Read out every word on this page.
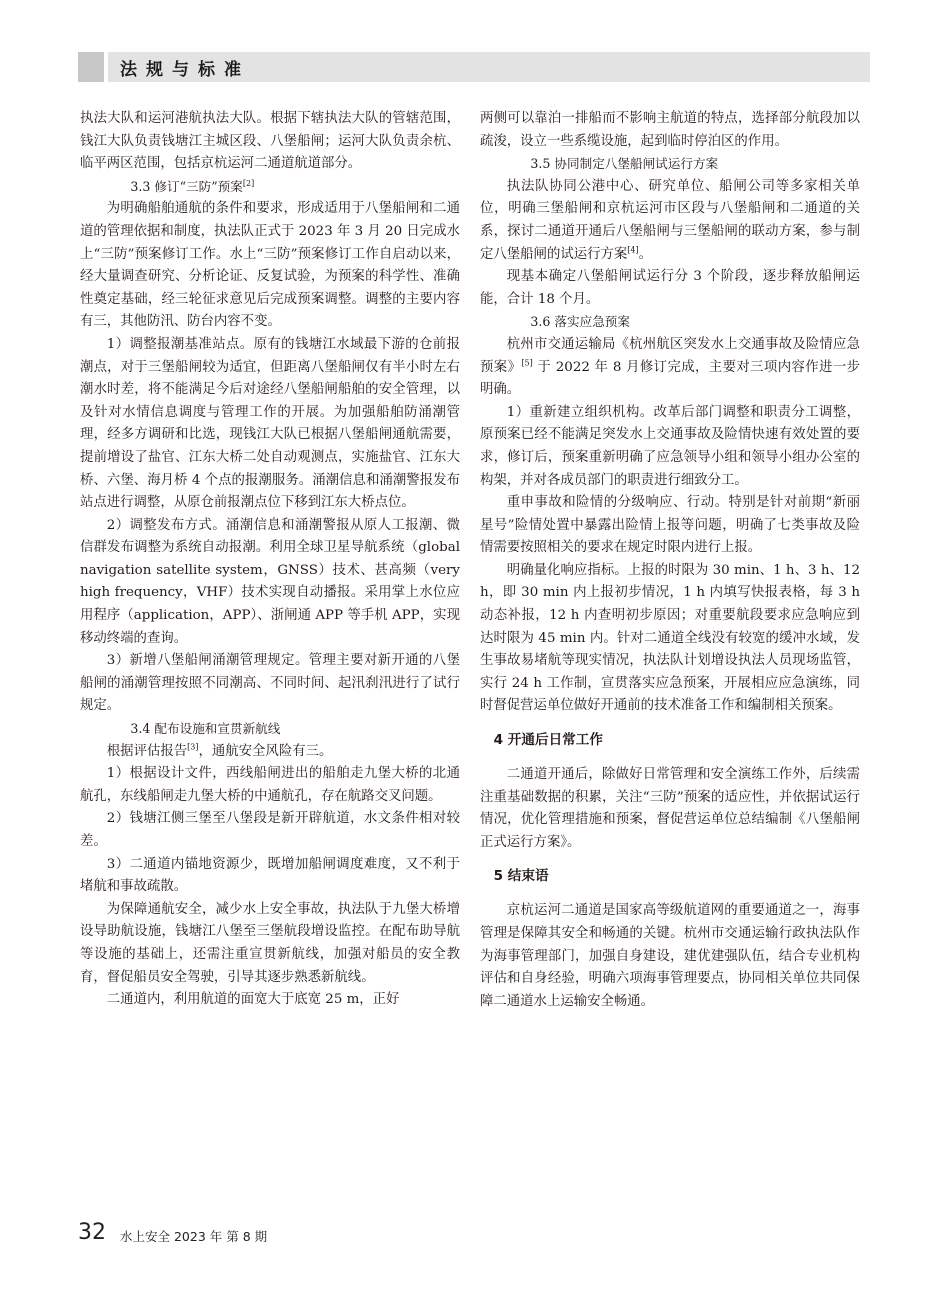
法规与标准

执法大队和运河港航执法大队。根据下辖执法大队的管辖范围，钱江大队负责钱塘江主城区段、八堡船闸；运河大队负责余杭、临平两区范围，包括京杭运河二通道航道部分。

3.3 修订“三防”预案[2]

为明确船舶通航的条件和要求，形成适用于八堡船闸和二通道的管理依据和制度，执法队正式于 2023 年 3 月 20 日完成水上“三防”预案修订工作。水上“三防”预案修订工作自启动以来，经大量调查研究、分析论证、反复试验，为预案的科学性、准确性奠定基础，经三轮征求意见后完成预案调整。调整的主要内容有三，其他防汛、防台内容不变。

1）调整报潮基准站点。原有的钱塘江水域最下游的仓前报潮点，对于三堡船闸较为适宜，但距离八堡船闸仅有半小时左右潮水时差，将不能满足今后对途经八堡船闸船舶的安全管理，以及针对水情信息调度与管理工作的开展。为加强船舶防涌潮管理，经多方调研和比选，现钱江大队已根据八堡船闸通航需要，提前增设了盐官、江东大桥二处自动观测点，实施盐官、江东大桥、六堡、海月桥 4 个点的报潮服务。涌潮信息和涌潮警报发布站点进行调整，从原仓前报潮点位下移到江东大桥点位。

2）调整发布方式。涌潮信息和涌潮警报从原人工报潮、微信群发布调整为系统自动报潮。利用全球卫星导航系统（global navigation satellite system，GNSS）技术、甚高频（very high frequency，VHF）技术实现自动播报。采用掌上水位应用程序（application，APP）、浙闸通 APP 等手机 APP，实现移动终端的查询。

3）新增八堡船闸涌潮管理规定。管理主要对新开通的八堡船闸的涌潮管理按照不同潮高、不同时间、起汛刹汛进行了试行规定。

3.4 配布设施和宣贯新航线

根据评估报告[3]，通航安全风险有三。

1）根据设计文件，西线船闸进出的船舶走九堡大桥的北通航孔，东线船闸走九堡大桥的中通航孔，存在航路交叉问题。

2）钱塘江侧三堡至八堡段是新开辟航道，水文条件相对较差。

3）二通道内锚地资源少，既增加船闸调度难度，又不利于堵航和事故疏散。

为保障通航安全，减少水上安全事故，执法队于九堡大桥增设导助航设施，钱塘江八堡至三堡航段增设监控。在配布助导航等设施的基础上，还需注重宣贯新航线，加强对船员的安全教育，督促船员安全驾驶，引导其逐步熟悉新航线。

二通道内，利用航道的面宽大于底宽 25 m，正好

两侧可以靠泊一排船而不影响主航道的特点，选择部分航段加以疏浚，设立一些系缆设施，起到临时停泊区的作用。

3.5 协同制定八堡船闸试运行方案

执法队协同公港中心、研究单位、船闸公司等多家相关单位，明确三堡船闸和京杭运河市区段与八堡船闸和二通道的关系，探讨二通道开通后八堡船闸与三堡船闸的联动方案，参与制定八堡船闸的试运行方案[4]。

现基本确定八堡船闸试运行分 3 个阶段，逐步释放船闸运能，合计 18 个月。

3.6 落实应急预案

杭州市交通运输局《杭州航区突发水上交通事故及险情应急预案》[5] 于 2022 年 8 月修订完成，主要对三项内容作进一步明确。

1）重新建立组织机构。改革后部门调整和职责分工调整，原预案已经不能满足突发水上交通事故及险情快速有效处置的要求，修订后，预案重新明确了应急领导小组和领导小组办公室的构架，并对各成员部门的职责进行细致分工。

重申事故和险情的分级响应、行动。特别是针对前期“新丽星号”险情处置中暴露出险情上报等问题，明确了七类事故及险情需要按照相关的要求在规定时限内进行上报。

明确量化响应指标。上报的时限为 30 min、1 h、3 h、12 h，即 30 min 内上报初步情况，1 h 内填写快报表格，每 3 h 动态补报，12 h 内查明初步原因；对重要航段要求应急响应到达时限为 45 min 内。针对二通道全线没有较宽的缓冲水域，发生事故易堵航等现实情况，执法队计划增设执法人员现场监管，实行 24 h 工作制，宣贯落实应急预案，开展相应应急演练，同时督促营运单位做好开通前的技术准备工作和编制相关预案。

4 开通后日常工作

二通道开通后，除做好日常管理和安全演练工作外，后续需注重基础数据的积累，关注“三防”预案的适应性，并依据试运行情况，优化管理措施和预案，督促营运单位总结编制《八堡船闸正式运行方案》。

5 结束语

京杭运河二通道是国家高等级航道网的重要通道之一，海事管理是保障其安全和畅通的关键。杭州市交通运输行政执法队作为海事管理部门，加强自身建设，建优建强队伍，结合专业机构评估和自身经验，明确六项海事管理要点，协同相关单位共同保障二通道水上运输安全畅通。

32 水上安全 2023 年 第 8 期
